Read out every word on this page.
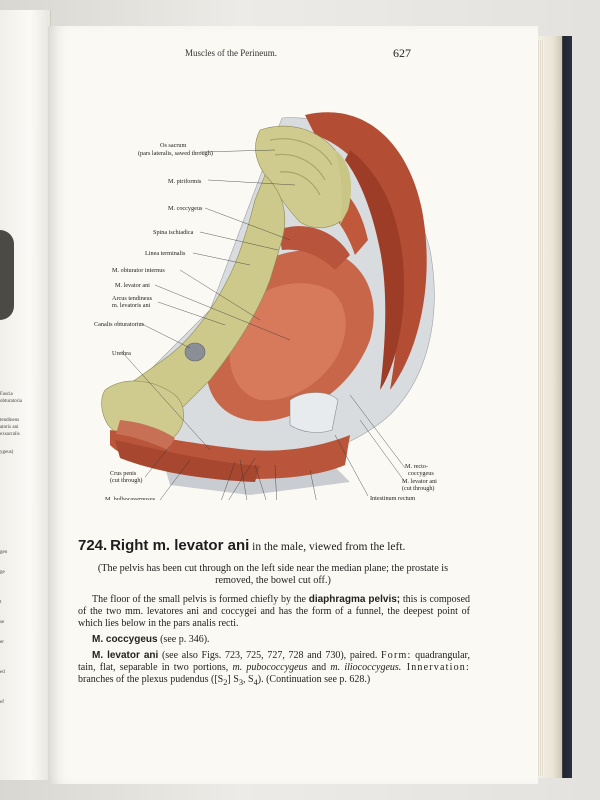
Fascia
obturatoria
tendineus
atoris ani
exsacralis
ygeus)
gen
ge
t
se
er
ed
ef
Muscles of the Perineum.	627
Os sacrum
(pars lateralis, sawed through)
M. piriformis
M. coccygeus
Spina ischiadica
Linea terminalis
M. obturator internus
M. levator ani
Arcus tendineus
m. levatoris ani
Canalis obturatorius
Urethra
Crus penis
(cut through)
M. bulbocavernosus
M. recto-
coccygeus
M. levator ani
(cut through)
Intestinum rectum
724. Right m. levator ani in the male, viewed from the left.
(The pelvis has been cut through on the left side near the median plane; the prostate is removed, the bowel cut off.)

The floor of the small pelvis is formed chiefly by the diaphragma pelvis; this is composed of the two mm. levatores ani and coccygei and has the form of a funnel, the deepest point of which lies below in the pars analis recti.

M. coccygeus (see p. 346).

M. levator ani (see also Figs. 723, 725, 727, 728 and 730), paired. Form: quadrangular, tain, flat, separable in two portions, m. pubococcygeus and m. iliococcygeus. Innervation: branches of the plexus pudendus ($[S_2]$ $S_3$, $S_4$). (Continuation see p. 628.)
